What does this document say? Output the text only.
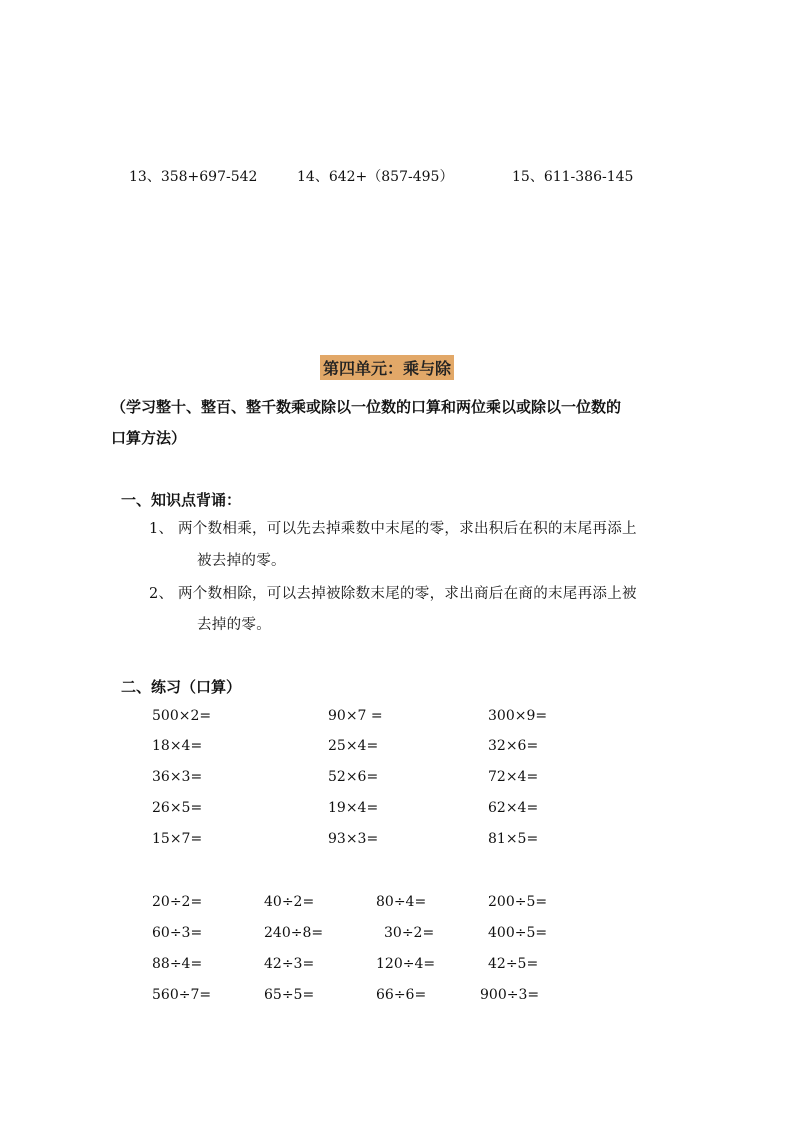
13、358+697-542	14、642+（857-495）	15、611-386-145
第四单元：乘与除
（学习整十、整百、整千数乘或除以一位数的口算和两位乘以或除以一位数的
口算方法）
一、知识点背诵：
1、 两个数相乘，可以先去掉乘数中末尾的零，求出积后在积的末尾再添上
被去掉的零。
2、 两个数相除，可以去掉被除数末尾的零，求出商后在商的末尾再添上被
去掉的零。
二、练习（口算）
500×2=	90×7 =	300×9=
18×4=	25×4=	32×6=
36×3=	52×6=	72×4=
26×5=	19×4=	62×4=
15×7=	93×3=	81×5=
20÷2=	40÷2=	80÷4=	200÷5=
60÷3=	240÷8=	30÷2=	400÷5=
88÷4=	42÷3=	120÷4=	42÷5=
560÷7=	65÷5=	66÷6=	900÷3=
